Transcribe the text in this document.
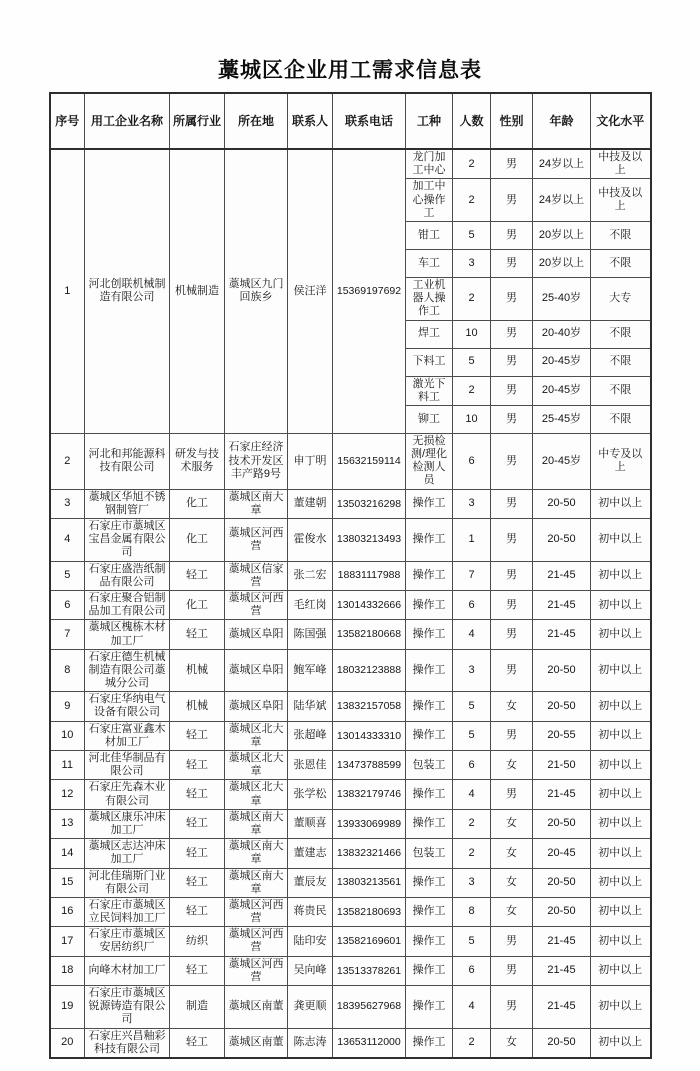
藁城区企业用工需求信息表
序号	用工企业名称	所属行业	所在地	联系人	联系电话	工种	人数	性别	年龄	文化水平
1	河北创联机械制造有限公司	机械制造	藁城区九门回族乡	侯汪洋	15369197692	龙门加工中心	2	男	24岁以上	中技及以上
						加工中心操作工	2	男	24岁以上	中技及以上
						钳工	5	男	20岁以上	不限
						车工	3	男	20岁以上	不限
						工业机器人操作工	2	男	25-40岁	大专
						焊工	10	男	20-40岁	不限
						下料工	5	男	20-45岁	不限
						激光下料工	2	男	20-45岁	不限
						铆工	10	男	25-45岁	不限
2	河北和邦能源科技有限公司	研发与技术服务	石家庄经济技术开发区丰产路9号	申丁明	15632159114	无损检测/理化检测人员	6	男	20-45岁	中专及以上
3	藁城区华旭不锈钢制管厂	化工	藁城区南大章	董建朝	13503216298	操作工	3	男	20-50	初中以上
4	石家庄市藁城区宝昌金属有限公司	化工	藁城区河西营	霍俊水	13803213493	操作工	1	男	20-50	初中以上
5	石家庄盛浩纸制品有限公司	轻工	藁城区信家营	张二宏	18831117988	操作工	7	男	21-45	初中以上
6	石家庄聚合铝制品加工有限公司	化工	藁城区河西营	毛红岗	13014332666	操作工	6	男	21-45	初中以上
7	藁城区槐栋木材加工厂	轻工	藁城区阜阳	陈国强	13582180668	操作工	4	男	21-45	初中以上
8	石家庄德生机械制造有限公司藁城分公司	机械	藁城区阜阳	鲍军峰	18032123888	操作工	3	男	20-50	初中以上
9	石家庄华纳电气设备有限公司	机械	藁城区阜阳	陆华斌	13832157058	操作工	5	女	20-50	初中以上
10	石家庄富亚鑫木材加工厂	轻工	藁城区北大章	张超峰	13014333310	操作工	5	男	20-55	初中以上
11	河北佳华制品有限公司	轻工	藁城区北大章	张恩佳	13473788599	包装工	6	女	21-50	初中以上
12	石家庄先森木业有限公司	轻工	藁城区北大章	张学松	13832179746	操作工	4	男	21-45	初中以上
13	藁城区康乐冲床加工厂	轻工	藁城区南大章	董顺喜	13933069989	操作工	2	女	20-50	初中以上
14	藁城区志达冲床加工厂	轻工	藁城区南大章	董建志	13832321466	包装工	2	女	20-45	初中以上
15	河北佳瑞斯门业有限公司	轻工	藁城区南大章	董辰友	13803213561	操作工	3	女	20-50	初中以上
16	石家庄市藁城区立民饲料加工厂	轻工	藁城区河西营	蒋贵民	13582180693	操作工	8	女	20-50	初中以上
17	石家庄市藁城区安居纺织厂	纺织	藁城区河西营	陆印安	13582169601	操作工	5	男	21-45	初中以上
18	向峰木材加工厂	轻工	藁城区河西营	吴向峰	13513378261	操作工	6	男	21-45	初中以上
19	石家庄市藁城区锐源铸造有限公司	制造	藁城区南董	龚更顺	18395627968	操作工	4	男	21-45	初中以上
20	石家庄兴昌釉彩科技有限公司	轻工	藁城区南董	陈志涛	13653112000	操作工	2	女	20-50	初中以上
